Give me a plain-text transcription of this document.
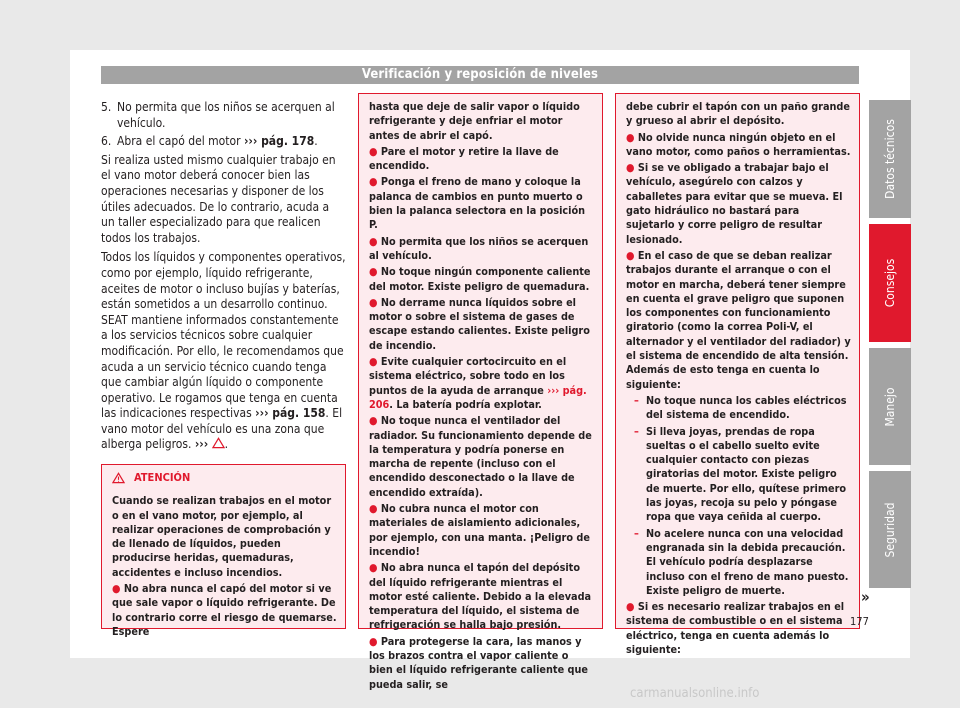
Verificación y reposición de niveles
5. No permita que los niños se acerquen al vehículo.
6. Abra el capó del motor ››› pág. 178.

Si realiza usted mismo cualquier trabajo en el vano motor deberá conocer bien las operaciones necesarias y disponer de los útiles adecuados. De lo contrario, acuda a un taller especializado para que realicen todos los trabajos.

Todos los líquidos y componentes operativos, como por ejemplo, líquido refrigerante, aceites de motor o incluso bujías y baterías, están sometidos a un desarrollo continuo. SEAT mantiene informados constantemente a los servicios técnicos sobre cualquier modificación. Por ello, le recomendamos que acuda a un servicio técnico cuando tenga que cambiar algún líquido o componente operativo. Le rogamos que tenga en cuenta las indicaciones respectivas ››› pág. 158. El vano motor del vehículo es una zona que alberga peligros. ››› .

ATENCIÓN
Cuando se realizan trabajos en el motor o en el vano motor, por ejemplo, al realizar operaciones de comprobación y de llenado de líquidos, pueden producirse heridas, quemaduras, accidentes e incluso incendios.
● No abra nunca el capó del motor si ve que sale vapor o líquido refrigerante. De lo contrario corre el riesgo de quemarse. Espere
hasta que deje de salir vapor o líquido refrigerante y deje enfriar el motor antes de abrir el capó.
● Pare el motor y retire la llave de encendido.
● Ponga el freno de mano y coloque la palanca de cambios en punto muerto o bien la palanca selectora en la posición P.
● No permita que los niños se acerquen al vehículo.
● No toque ningún componente caliente del motor. Existe peligro de quemadura.
● No derrame nunca líquidos sobre el motor o sobre el sistema de gases de escape estando calientes. Existe peligro de incendio.
● Evite cualquier cortocircuito en el sistema eléctrico, sobre todo en los puntos de la ayuda de arranque ››› pág. 206. La batería podría explotar.
● No toque nunca el ventilador del radiador. Su funcionamiento depende de la temperatura y podría ponerse en marcha de repente (incluso con el encendido desconectado o la llave de encendido extraída).
● No cubra nunca el motor con materiales de aislamiento adicionales, por ejemplo, con una manta. ¡Peligro de incendio!
● No abra nunca el tapón del depósito del líquido refrigerante mientras el motor esté caliente. Debido a la elevada temperatura del líquido, el sistema de refrigeración se halla bajo presión.
● Para protegerse la cara, las manos y los brazos contra el vapor caliente o bien el líquido refrigerante caliente que pueda salir, se
debe cubrir el tapón con un paño grande y grueso al abrir el depósito.
● No olvide nunca ningún objeto en el vano motor, como paños o herramientas.
● Si se ve obligado a trabajar bajo el vehículo, asegúrelo con calzos y caballetes para evitar que se mueva. El gato hidráulico no bastará para sujetarlo y corre peligro de resultar lesionado.
● En el caso de que se deban realizar trabajos durante el arranque o con el motor en marcha, deberá tener siempre en cuenta el grave peligro que suponen los componentes con funcionamiento giratorio (como la correa Poli-V, el alternador y el ventilador del radiador) y el sistema de encendido de alta tensión. Además de esto tenga en cuenta lo siguiente:
– No toque nunca los cables eléctricos del sistema de encendido.
– Si lleva joyas, prendas de ropa sueltas o el cabello suelto evite cualquier contacto con piezas giratorias del motor. Existe peligro de muerte. Por ello, quítese primero las joyas, recoja su pelo y póngase ropa que vaya ceñida al cuerpo.
– No acelere nunca con una velocidad engranada sin la debida precaución. El vehículo podría desplazarse incluso con el freno de mano puesto. Existe peligro de muerte.
● Si es necesario realizar trabajos en el sistema de combustible o en el sistema eléctrico, tenga en cuenta además lo siguiente:
»
Datos técnicos
Consejos
Manejo
Seguridad
177
carmanualsonline.info
